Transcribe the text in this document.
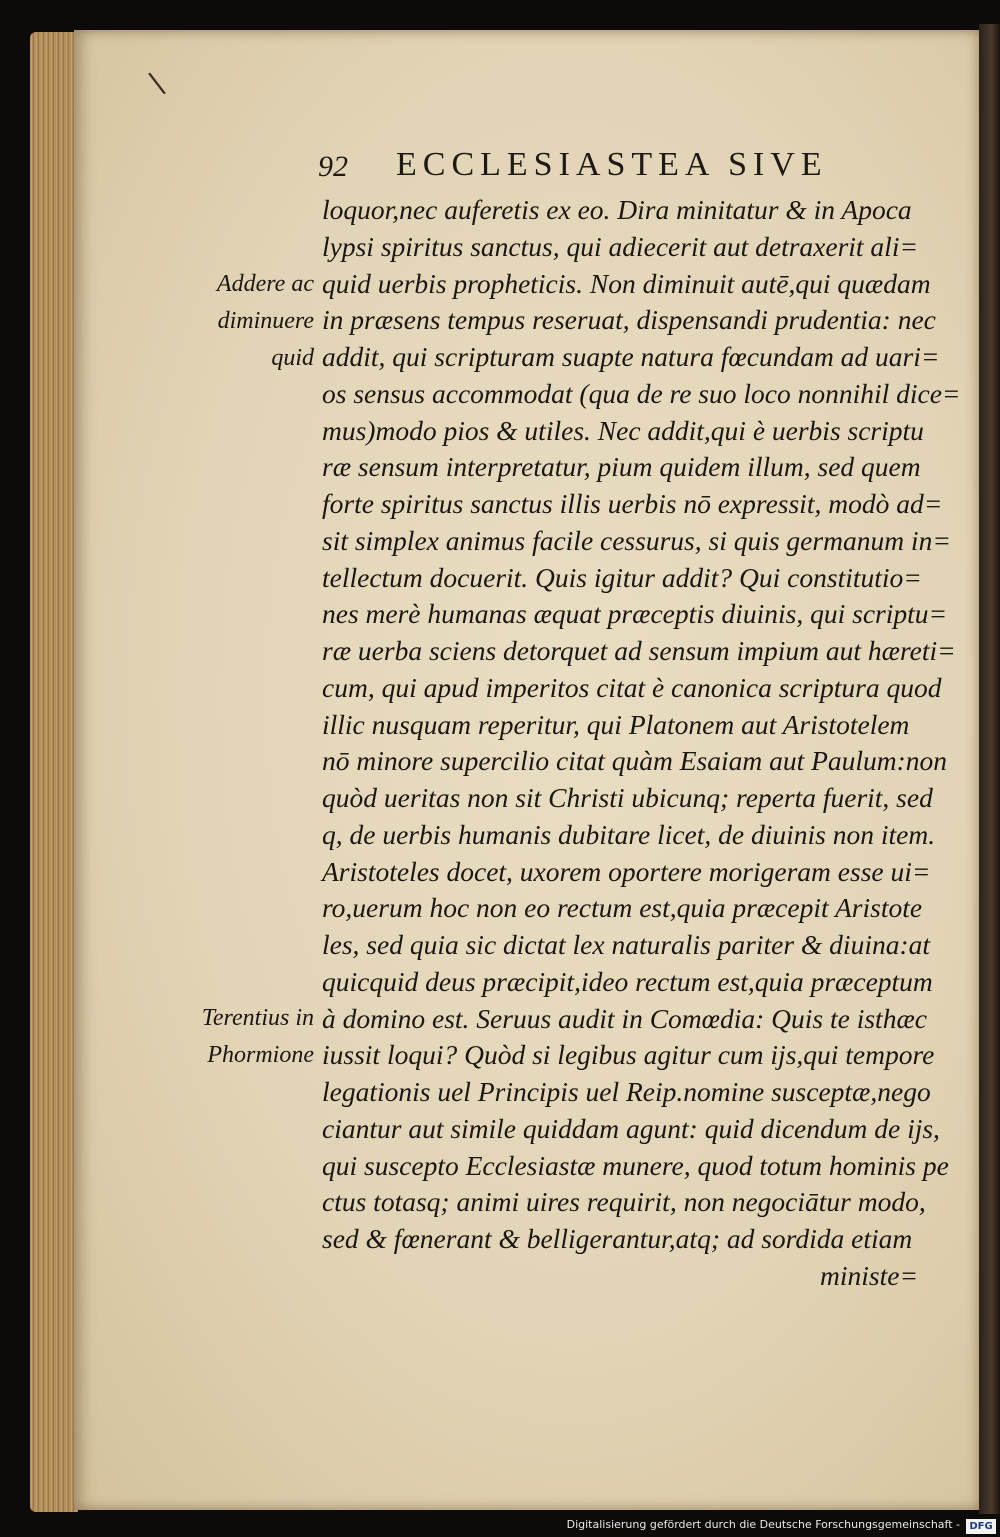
\
92 ECCLESIASTEA SIVE
loquor,nec auferetis ex eo. Dira minitatur & in Apoca
lypsi spiritus sanctus, qui adiecerit aut detraxerit ali=
quid uerbis propheticis. Non diminuit autē,qui quædam
in præsens tempus reseruat, dispensandi prudentia: nec
addit, qui scripturam suapte natura fœcundam ad uari=
os sensus accommodat (qua de re suo loco nonnihil dice=
mus)modo pios & utiles. Nec addit,qui è uerbis scriptu
ræ sensum interpretatur, pium quidem illum, sed quem
forte spiritus sanctus illis uerbis nō expressit, modò ad=
sit simplex animus facile cessurus, si quis germanum in=
tellectum docuerit. Quis igitur addit? Qui constitutio=
nes merè humanas æquat præceptis diuinis, qui scriptu=
ræ uerba sciens detorquet ad sensum impium aut hæreti=
cum, qui apud imperitos citat è canonica scriptura quod
illic nusquam reperitur, qui Platonem aut Aristotelem
nō minore supercilio citat quàm Esaiam aut Paulum:non
quòd ueritas non sit Christi ubicunq; reperta fuerit, sed
q, de uerbis humanis dubitare licet, de diuinis non item.
Aristoteles docet, uxorem oportere morigeram esse ui=
ro,uerum hoc non eo rectum est,quia præcepit Aristote
les, sed quia sic dictat lex naturalis pariter & diuina:at
quicquid deus præcipit,ideo rectum est,quia præceptum
à domino est. Seruus audit in Comœdia: Quis te isthæc
iussit loqui? Quòd si legibus agitur cum ijs,qui tempore
legationis uel Principis uel Reip.nomine susceptæ,nego
ciantur aut simile quiddam agunt: quid dicendum de ijs,
qui suscepto Ecclesiastæ munere, quod totum hominis pe
ctus totasq; animi uires requirit, non negociātur modo,
sed & fœnerant & belligerantur,atq; ad sordida etiam
ministe=
Addere ac
diminuere
quid
Terentius in
Phormione
Digitalisierung gefördert durch die Deutsche Forschungsgemeinschaft - DFG
